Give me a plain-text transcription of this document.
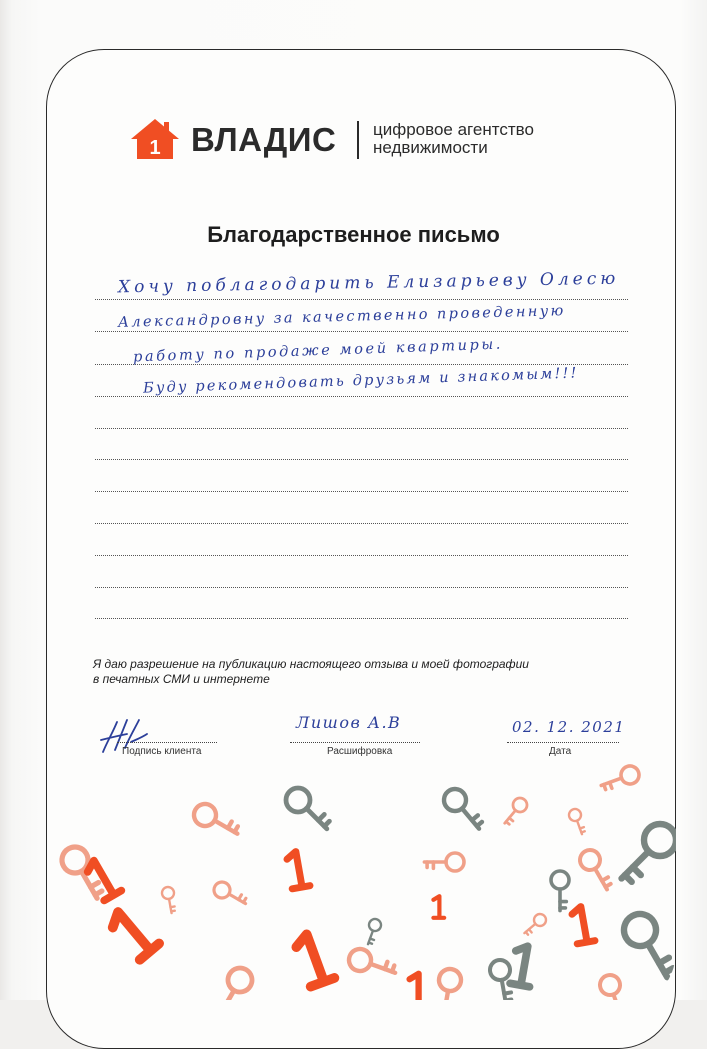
1 ВЛАДИС цифровое агентство
недвижимости
Благодарственное письмо
Хочу поблагодарить Елизарьеву Олесю
Александровну за качественно проведенную
работу по продаже моей квартиры.
Буду рекомендовать друзьям и знакомым!!!
Я даю разрешение на публикацию настоящего отзыва и моей фотографии
в печатных СМИ и интернете
Подпись клиента
Лишов А.В
Расшифровка
02. 12. 2021
Дата
